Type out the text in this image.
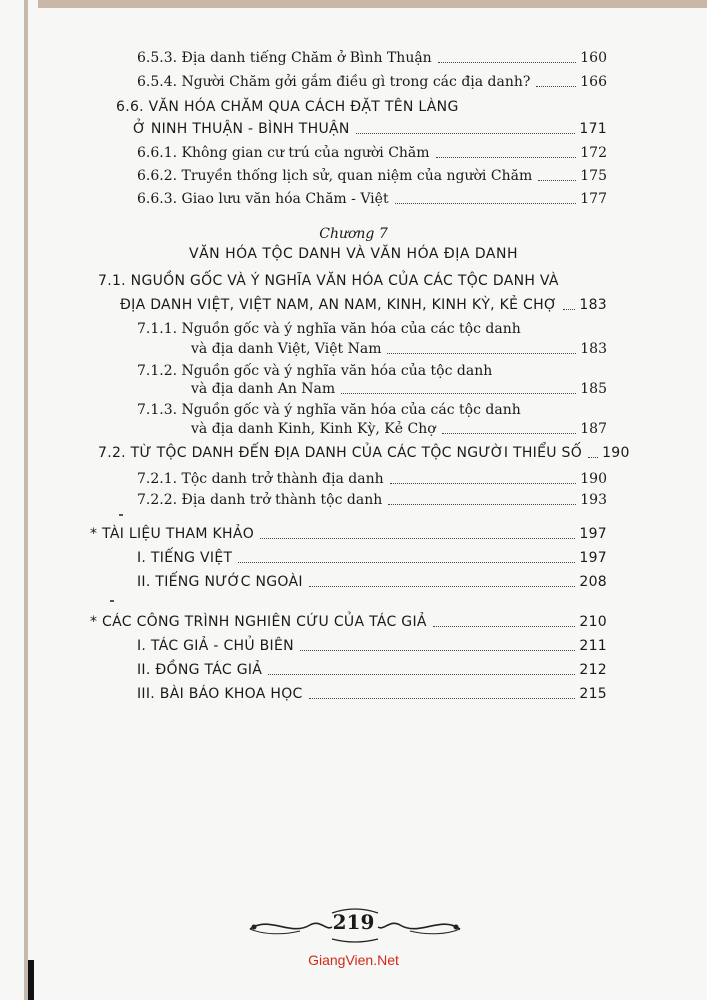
6.5.3. Địa danh tiếng Chăm ở Bình Thuận	160
6.5.4. Người Chăm gởi gắm điều gì trong các địa danh?	166
6.6. VĂN HÓA CHĂM QUA CÁCH ĐẶT TÊN LÀNG
Ở NINH THUẬN - BÌNH THUẬN	171
6.6.1. Không gian cư trú của người Chăm	172
6.6.2. Truyền thống lịch sử, quan niệm của người Chăm	175
6.6.3. Giao lưu văn hóa Chăm - Việt	177
Chương 7
VĂN HÓA TỘC DANH VÀ VĂN HÓA ĐỊA DANH
7.1. NGUỒN GỐC VÀ Ý NGHĨA VĂN HÓA CỦA CÁC TỘC DANH VÀ
ĐỊA DANH VIỆT, VIỆT NAM, AN NAM, KINH, KINH KỲ, KẺ CHỢ 183
7.1.1. Nguồn gốc và ý nghĩa văn hóa của các tộc danh
và địa danh Việt, Việt Nam	183
7.1.2. Nguồn gốc và ý nghĩa văn hóa của tộc danh
và địa danh An Nam	185
7.1.3. Nguồn gốc và ý nghĩa văn hóa của các tộc danh
và địa danh Kinh, Kinh Kỳ, Kẻ Chợ	187
7.2. TỪ TỘC DANH ĐẾN ĐỊA DANH CỦA CÁC TỘC NGƯỜI THIỂU SỐ 190
7.2.1. Tộc danh trở thành địa danh	190
7.2.2. Địa danh trở thành tộc danh	193
* TÀI LIỆU THAM KHẢO	197
I. TIẾNG VIỆT	197
II. TIẾNG NƯỚC NGOÀI	208
* CÁC CÔNG TRÌNH NGHIÊN CỨU CỦA TÁC GIẢ	210
I. TÁC GIẢ - CHỦ BIÊN	211
II. ĐỒNG TÁC GIẢ	212
III. BÀI BÁO KHOA HỌC	215
219
GiangVien.Net
